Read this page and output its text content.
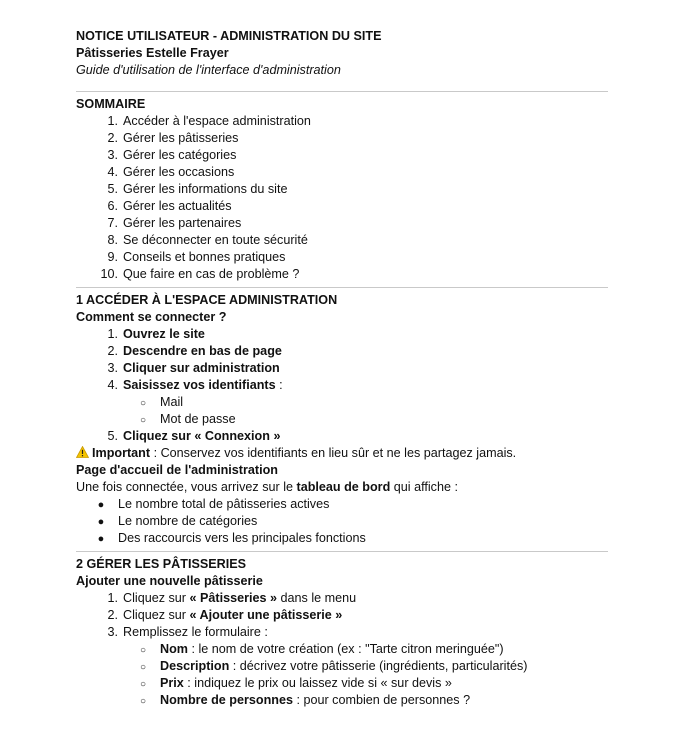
NOTICE UTILISATEUR - ADMINISTRATION DU SITE
Pâtisseries Estelle Frayer
Guide d'utilisation de l'interface d'administration
SOMMAIRE
1. Accéder à l'espace administration
2. Gérer les pâtisseries
3. Gérer les catégories
4. Gérer les occasions
5. Gérer les informations du site
6. Gérer les actualités
7. Gérer les partenaires
8. Se déconnecter en toute sécurité
9. Conseils et bonnes pratiques
10. Que faire en cas de problème ?
1 ACCÉDER À L'ESPACE ADMINISTRATION
Comment se connecter ?
1. Ouvrez le site
2. Descendre en bas de page
3. Cliquer sur administration
4. Saisissez vos identifiants :
○ Mail
○ Mot de passe
5. Cliquez sur « Connexion »
Important : Conservez vos identifiants en lieu sûr et ne les partagez jamais.
Page d'accueil de l'administration
Une fois connectée, vous arrivez sur le tableau de bord qui affiche :
● Le nombre total de pâtisseries actives
● Le nombre de catégories
● Des raccourcis vers les principales fonctions
2 GÉRER LES PÂTISSERIES
Ajouter une nouvelle pâtisserie
1. Cliquez sur « Pâtisseries » dans le menu
2. Cliquez sur « Ajouter une pâtisserie »
3. Remplissez le formulaire :
○ Nom : le nom de votre création (ex : "Tarte citron meringuée")
○ Description : décrivez votre pâtisserie (ingrédients, particularités)
○ Prix : indiquez le prix ou laissez vide si « sur devis »
○ Nombre de personnes : pour combien de personnes ?
